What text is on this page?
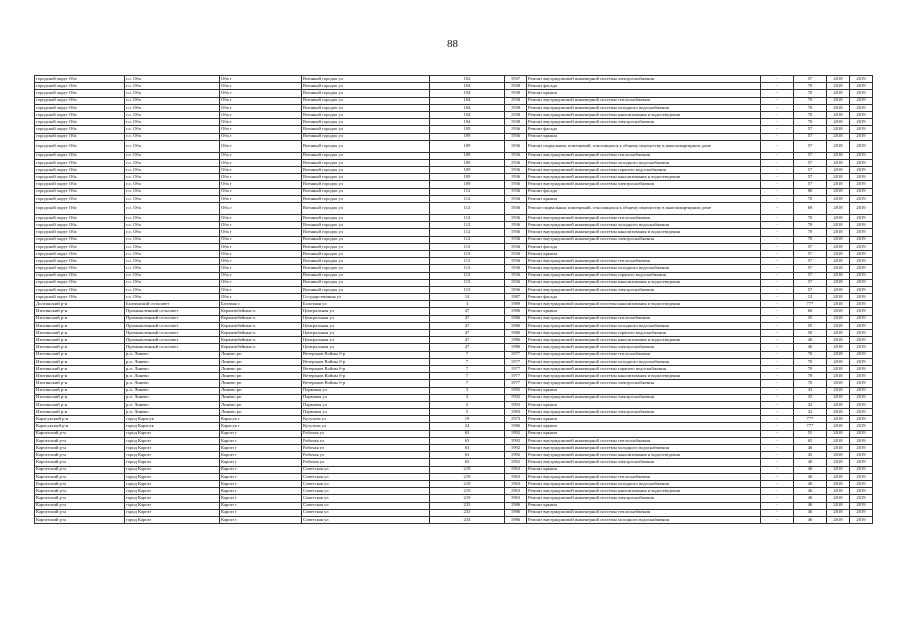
88
городской округ Оба	г.о. Оба	Оба г	Военный городок ул	102	1937	Ремонт внутридомовой инженерной системы электроснабжения	-	57	2018	2019
городской округ Оба	г.о. Оба	Оба г	Военный городок ул	104	1938	Ремонт фасада	-	70	2018	2019
городской округ Оба	г.о. Оба	Оба г	Военный городок ул	104	1938	Ремонт крыши	-	70	2018	2019
городской округ Оба	г.о. Оба	Оба г	Военный городок ул	104	1938	Ремонт внутридомовой инженерной системы теплоснабжения	-	70	2018	2019
городской округ Оба	г.о. Оба	Оба г	Военный городок ул	104	1938	Ремонт внутридомовой инженерной системы холодного водоснабжения	-	70	2018	2019
городской округ Оба	г.о. Оба	Оба г	Военный городок ул	104	1938	Ремонт внутридомовой инженерной системы канализования и водоотведения	-	70	2018	2019
городской округ Оба	г.о. Оба	Оба г	Военный городок ул	104	1938	Ремонт внутридомовой инженерной системы электроснабжения	-	70	2018	2019
городской округ Оба	г.о. Оба	Оба г	Военный городок ул	109	1936	Ремонт фасада	-	57	2018	2019
городской округ Оба	г.о. Оба	Оба г	Военный городок ул	109	1936	Ремонт крыши	-	57	2018	2019
городской округ Оба	г.о. Оба	Оба г	Военный городок ул	109	1936	Ремонт подвальных помещений, относящихся к общему имуществу в многоквартирном доме	-	57	2018	2019
городской округ Оба	г.о. Оба	Оба г	Военный городок ул	109	1936	Ремонт внутридомовой инженерной системы теплоснабжения	-	57	2018	2019
городской округ Оба	г.о. Оба	Оба г	Военный городок ул	109	1936	Ремонт внутридомовой инженерной системы холодного водоснабжения	-	57	2018	2019
городской округ Оба	г.о. Оба	Оба г	Военный городок ул	109	1936	Ремонт внутридомовой инженерной системы горячего водоснабжения	-	57	2018	2019
городской округ Оба	г.о. Оба	Оба г	Военный городок ул	109	1936	Ремонт внутридомовой инженерной системы канализования и водоотведения	-	57	2018	2019
городской округ Оба	г.о. Оба	Оба г	Военный городок ул	109	1936	Ремонт внутридомовой инженерной системы электроснабжения	-	57	2018	2019
городской округ Оба	г.о. Оба	Оба г	Военный городок ул	112	1936	Ремонт фасада	-	80	2018	2019
городской округ Оба	г.о. Оба	Оба г	Военный городок ул	112	1936	Ремонт крыши	-	70	2018	2019
городской округ Оба	г.о. Оба	Оба г	Военный городок ул	112	1936	Ремонт подвальных помещений, относящихся к общему имуществу в многоквартирном доме	-	69	2018	2019
городской округ Оба	г.о. Оба	Оба г	Военный городок ул	112	1936	Ремонт внутридомовой инженерной системы теплоснабжения	-	70	2018	2019
городской округ Оба	г.о. Оба	Оба г	Военный городок ул	112	1936	Ремонт внутридомовой инженерной системы холодного водоснабжения	-	70	2018	2019
городской округ Оба	г.о. Оба	Оба г	Военный городок ул	112	1936	Ремонт внутридомовой инженерной системы канализования и водоотведения	-	70	2018	2019
городской округ Оба	г.о. Оба	Оба г	Военный городок ул	112	1936	Ремонт внутридомовой инженерной системы электроснабжения	-	70	2018	2019
городской округ Оба	г.о. Оба	Оба г	Военный городок ул	113	1936	Ремонт фасада	-	57	2018	2019
городской округ Оба	г.о. Оба	Оба г	Военный городок ул	113	1936	Ремонт крыши	-	57	2018	2019
городской округ Оба	г.о. Оба	Оба г	Военный городок ул	113	1936	Ремонт внутридомовой инженерной системы теплоснабжения	-	57	2018	2019
городской округ Оба	г.о. Оба	Оба г	Военный городок ул	113	1936	Ремонт внутридомовой инженерной системы холодного водоснабжения	-	57	2018	2019
городской округ Оба	г.о. Оба	Оба г	Военный городок ул	113	1936	Ремонт внутридомовой инженерной системы горячего водоснабжения	-	57	2018	2019
городской округ Оба	г.о. Оба	Оба г	Военный городок ул	113	1936	Ремонт внутридомовой инженерной системы канализования и водоотведения	-	57	2018	2019
городской округ Оба	г.о. Оба	Оба г	Военный городок ул	113	1936	Ремонт внутридомовой инженерной системы электроснабжения	-	57	2018	2019
городской округ Оба	г.о. Оба	Оба г	Государственная ул	14	1987	Ремонт фасада	-	12	2018	2019
Долгинский р-н	Балтинский сельсовет	Балтина с	Болотная ул	3	1989	Ремонт внутридомовой инженерной системы канализования и водоотведения	-	77*	2018	2019
Изитинский р-н	Промышленный сельсовет	Керамзибейные п	Центральная ул	47	1986	Ремонт крыши	-	60	2018	2019
Изитинский р-н	Промышленный сельсовет	Керамзибейные п	Центральная ул	47	1986	Ремонт внутридомовой инженерной системы теплоснабжения	-	35	2018	2019
Изитинский р-н	Промышленный сельсовет	Керамзибейные п	Центральная ул	47	1986	Ремонт внутридомовой инженерной системы холодного водоснабжения	-	55	2018	2019
Изитинский р-н	Промышленный сельсовет	Керамзибейные п	Центральная ул	47	1986	Ремонт внутридомовой инженерной системы горячего водоснабжения	-	50	2018	2019
Изитинский р-н	Промышленный сельсовет	Керамзибейные п	Центральная ул	47	1986	Ремонт внутридомовой инженерной системы канализования и водоотведения	-	40	2018	2019
Изитинский р-н	Промышленный сельсовет	Керамзибейные п	Центральная ул	47	1986	Ремонт внутридомовой инженерной системы электроснабжения	-	40	2018	2019
Изитинский р-н	р.п. Линево	Линево рп	Ветеранов Войны б-р	7	1977	Ремонт внутридомовой инженерной системы теплоснабжения	-	70	2018	2019
Изитинский р-н	р.п. Линево	Линево рп	Ветеранов Войны б-р	7	1977	Ремонт внутридомовой инженерной системы холодного водоснабжения	-	70	2018	2019
Изитинский р-н	р.п. Линево	Линево рп	Ветеранов Войны б-р	7	1977	Ремонт внутридомовой инженерной системы горячего водоснабжения	-	70	2018	2019
Изитинский р-н	р.п. Линево	Линево рп	Ветеранов Войны б-р	7	1977	Ремонт внутридомовой инженерной системы канализования и водоотведения	-	78	2018	2019
Изитинский р-н	р.п. Линево	Линево рп	Ветеранов Войны б-р	7	1977	Ремонт внутридомовой инженерной системы электроснабжения	-	70	2018	2019
Изитинский р-н	р.п. Линево	Линево рп	Парковая ул	3	1992	Ремонт крыши	-	33	2018	2019
Изитинский р-н	р.п. Линево	Линево рп	Парковая ул	3	1992	Ремонт внутридомовой инженерной системы электроснабжения	-	35	2018	2019
Изитинский р-н	р.п. Линево	Линево рп	Парковая ул	5	1993	Ремонт крыши	-	32	2018	2019
Изитинский р-н	р.п. Линево	Линево рп	Парковая ул	5	1993	Ремонт внутридомовой инженерной системы электроснабжения	-	32	2018	2019
Карасукский р-н	город Карасук	Карасук г	Кутузова ул	19	1973	Ремонт крыши	-	77*	2018	2019
Карасукский р-н	город Карасук	Карасук г	Кутузова ул	24	1986	Ремонт крыши	-	77*	2018	2019
Каргатский р-н	город Каргат	Каргат г	Рабочая ул	63	1992	Ремонт крыши	-	55	2018	2019
Каргатский р-н	город Каргат	Каргат г	Рабочая ул	63	1992	Ремонт внутридомовой инженерной системы теплоснабжения	-	65	2018	2019
Каргатский р-н	город Каргат	Каргат г	Рабочая ул	63	1992	Ремонт внутридомовой инженерной системы холодного водоснабжения	-	40	2018	2019
Каргатский р-н	город Каргат	Каргат г	Рабочая ул	63	1992	Ремонт внутридомовой инженерной системы канализования и водоотведения	-	45	2018	2019
Каргатский р-н	город Каргат	Каргат г	Рабочая ул	63	1992	Ремонт внутридомовой инженерной системы электроснабжения	-	40	2018	2019
Каргатский р-н	город Каргат	Каргат г	Советская ул	219	1963	Ремонт крыши	-	40	2018	2019
Каргатский р-н	город Каргат	Каргат г	Советская ул	219	1963	Ремонт внутридомовой инженерной системы теплоснабжения	-	40	2018	2019
Каргатский р-н	город Каргат	Каргат г	Советская ул	219	1963	Ремонт внутридомовой инженерной системы холодного водоснабжения	-	40	2018	2019
Каргатский р-н	город Каргат	Каргат г	Советская ул	219	1963	Ремонт внутридомовой инженерной системы канализования и водоотведения	-	40	2018	2019
Каргатский р-н	город Каргат	Каргат г	Советская ул	219	1963	Ремонт внутридомовой инженерной системы электроснабжения	-	40	2018	2019
Каргатский р-н	город Каргат	Каргат г	Советская ул	233	1986	Ремонт крыши	-	46	2018	2019
Каргатский р-н	город Каргат	Каргат г	Советская ул	233	1986	Ремонт внутридомовой инженерной системы теплоснабжения	-	46	2018	2019
Каргатский р-н	город Каргат	Каргат г	Советская ул	233	1986	Ремонт внутридомовой инженерной системы холодного водоснабжения	-	46	2018	2019
